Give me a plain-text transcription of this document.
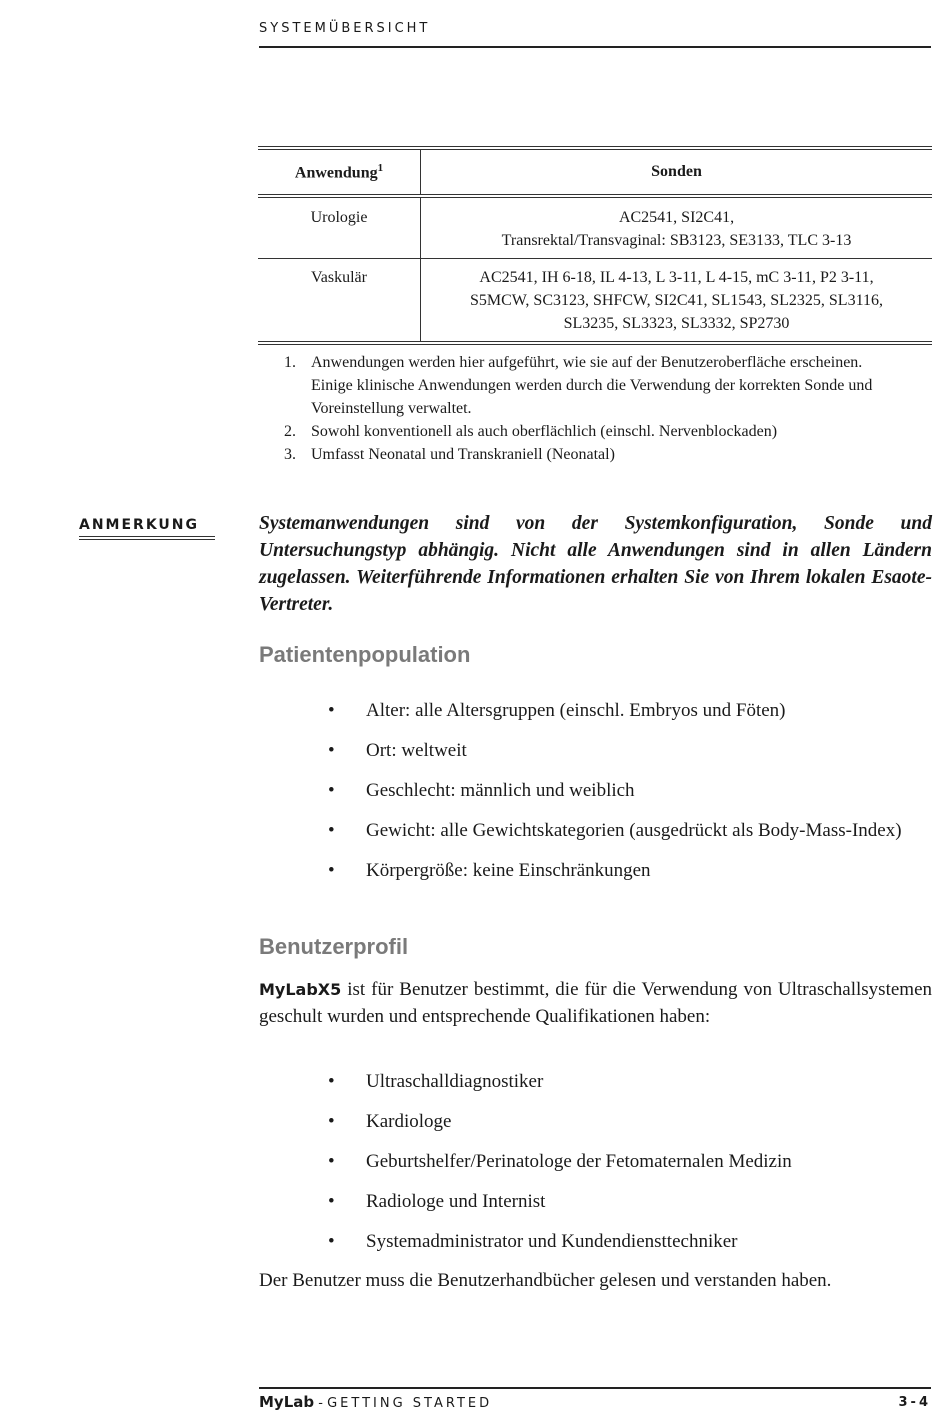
SYSTEMÜBERSICHT
Anwendung$^1$	Sonden
Urologie	AC2541, SI2C41,
Transrektal/Transvaginal: SB3123, SE3133, TLC 3-13

Vaskulär	AC2541, IH 6-18, IL 4-13, L 3-11, L 4-15, mC 3-11, P2 3-11,
S5MCW, SC3123, SHFCW, SI2C41, SL1543, SL2325, SL3116,
SL3235, SL3323, SL3332, SP2730
1. Anwendungen werden hier aufgeführt, wie sie auf der Benutzeroberfläche erscheinen. Einige klinische Anwendungen werden durch die Verwendung der korrekten Sonde und Voreinstellung verwaltet.
2. Sowohl konventionell als auch oberflächlich (einschl. Nervenblockaden)
3. Umfasst Neonatal und Transkraniell (Neonatal)
ANMERKUNG	Systemanwendungen sind von der Systemkonfiguration, Sonde und Untersuchungstyp abhängig. Nicht alle Anwendungen sind in allen Ländern zugelassen. Weiterführende Informationen erhalten Sie von Ihrem lokalen Esaote-Vertreter.

Patientenpopulation
• Alter: alle Altersgruppen (einschl. Embryos und Föten)
• Ort: weltweit
• Geschlecht: männlich und weiblich
• Gewicht: alle Gewichtskategorien (ausgedrückt als Body-Mass-Index)
• Körpergröße: keine Einschränkungen
Benutzerprofil

MyLabX5 ist für Benutzer bestimmt, die für die Verwendung von Ultraschallsystemen geschult wurden und entsprechende Qualifikationen haben:

• Ultraschalldiagnostiker
• Kardiologe
• Geburtshelfer/Perinatologe der Fetomaternalen Medizin
• Radiologe und Internist
• Systemadministrator und Kundendiensttechniker

Der Benutzer muss die Benutzerhandbücher gelesen und verstanden haben.

MyLab - GETTING STARTED	3-4
